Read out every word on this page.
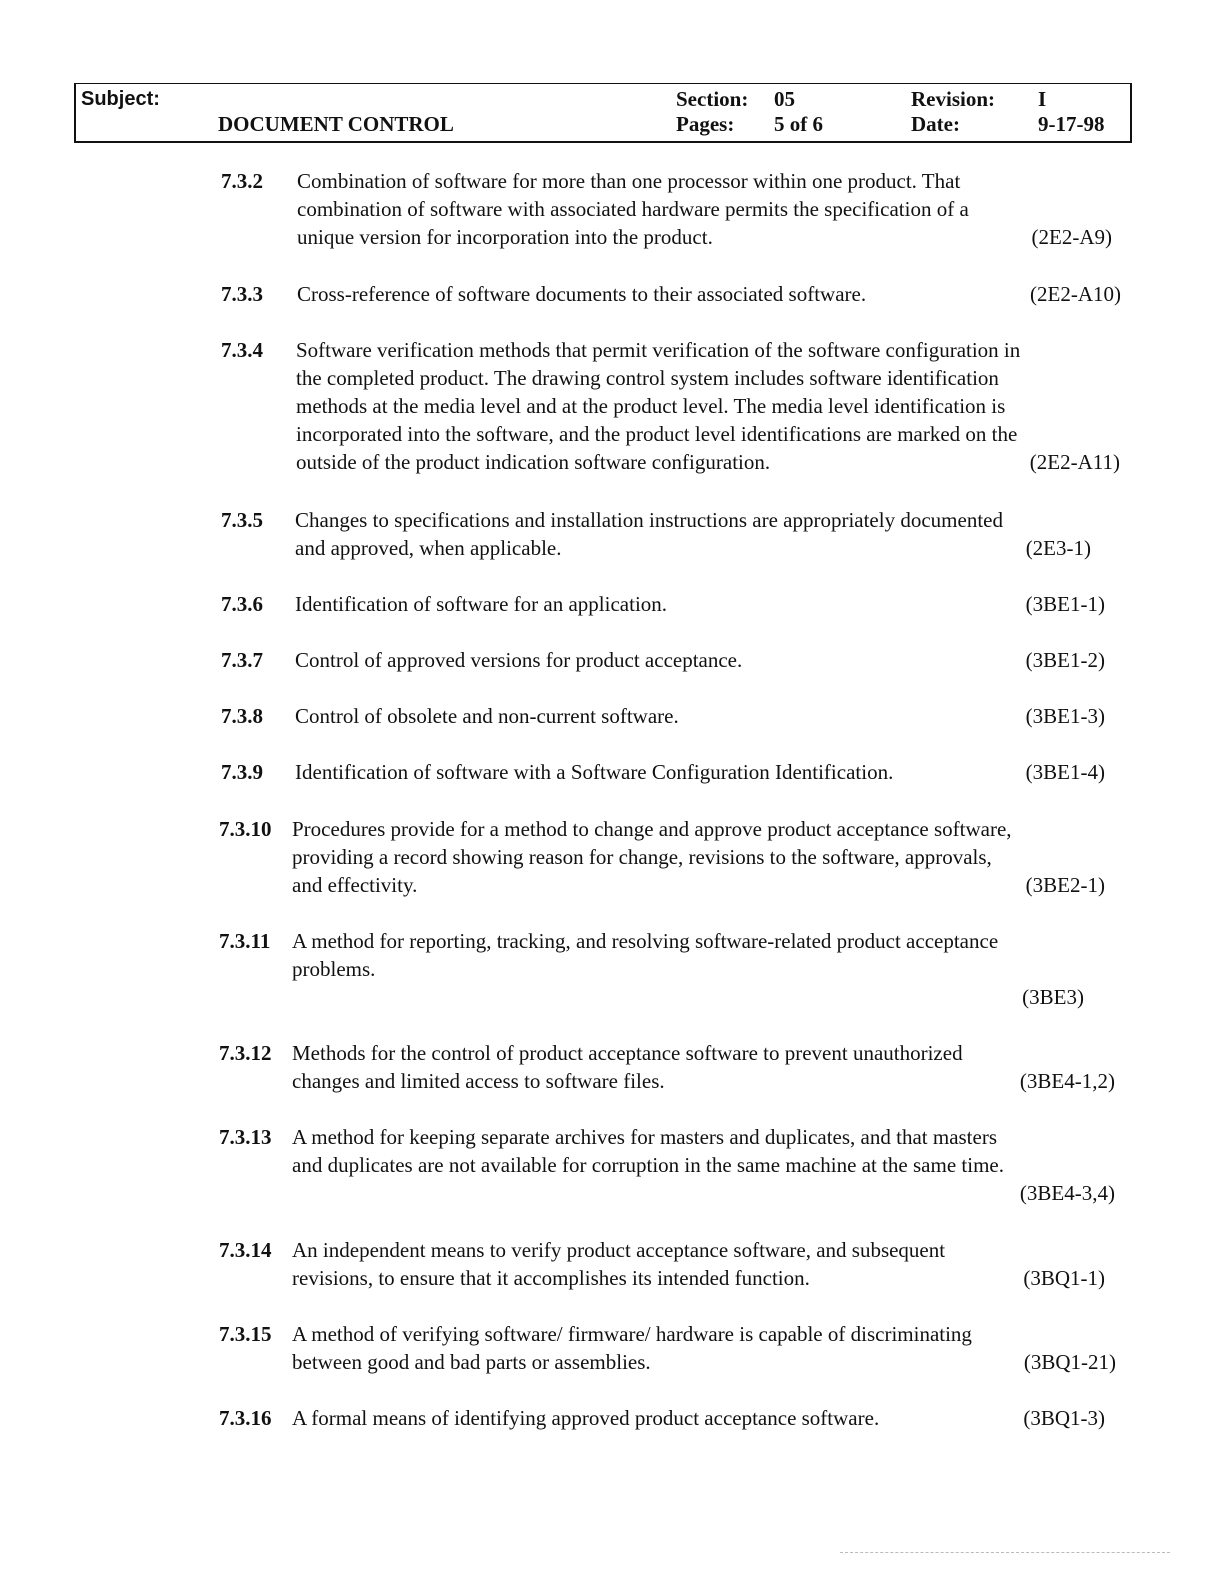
Subject:
DOCUMENT CONTROL
Section: 05
Pages: 5 of 6
Revision: I
Date:	9-17-98
7.3.2 Combination of software for more than one processor within one product. That
combination of software with associated hardware permits the specification of a
unique version for incorporation into the product.	(2E2-A9)
7.3.3 Cross-reference of software documents to their associated software.	(2E2-A10)
7.3.4 Software verification methods that permit verification of the software configuration in
the completed product. The drawing control system includes software identification
methods at the media level and at the product level. The media level identification is
incorporated into the software, and the product level identifications are marked on the
outside of the product indication software configuration.	(2E2-A11)
7.3.5 Changes to specifications and installation instructions are appropriately documented
and approved, when applicable.	(2E3-1)
7.3.6 Identification of software for an application.	(3BE1-1)
7.3.7 Control of approved versions for product acceptance.	(3BE1-2)
7.3.8 Control of obsolete and non-current software.	(3BE1-3)
7.3.9 Identification of software with a Software Configuration Identification.	(3BE1-4)
7.3.10 Procedures provide for a method to change and approve product acceptance software,
providing a record showing reason for change, revisions to the software, approvals,
and effectivity.	(3BE2-1)
7.3.11 A method for reporting, tracking, and resolving software-related product acceptance
problems.
(3BE3)
7.3.12 Methods for the control of product acceptance software to prevent unauthorized
changes and limited access to software files.	(3BE4-1,2)
7.3.13 A method for keeping separate archives for masters and duplicates, and that masters
and duplicates are not available for corruption in the same machine at the same time.
(3BE4-3,4)
7.3.14 An independent means to verify product acceptance software, and subsequent
revisions, to ensure that it accomplishes its intended function.	(3BQ1-1)
7.3.15 A method of verifying software/ firmware/ hardware is capable of discriminating
between good and bad parts or assemblies.	(3BQ1-21)
7.3.16 A formal means of identifying approved product acceptance software.	(3BQ1-3)
